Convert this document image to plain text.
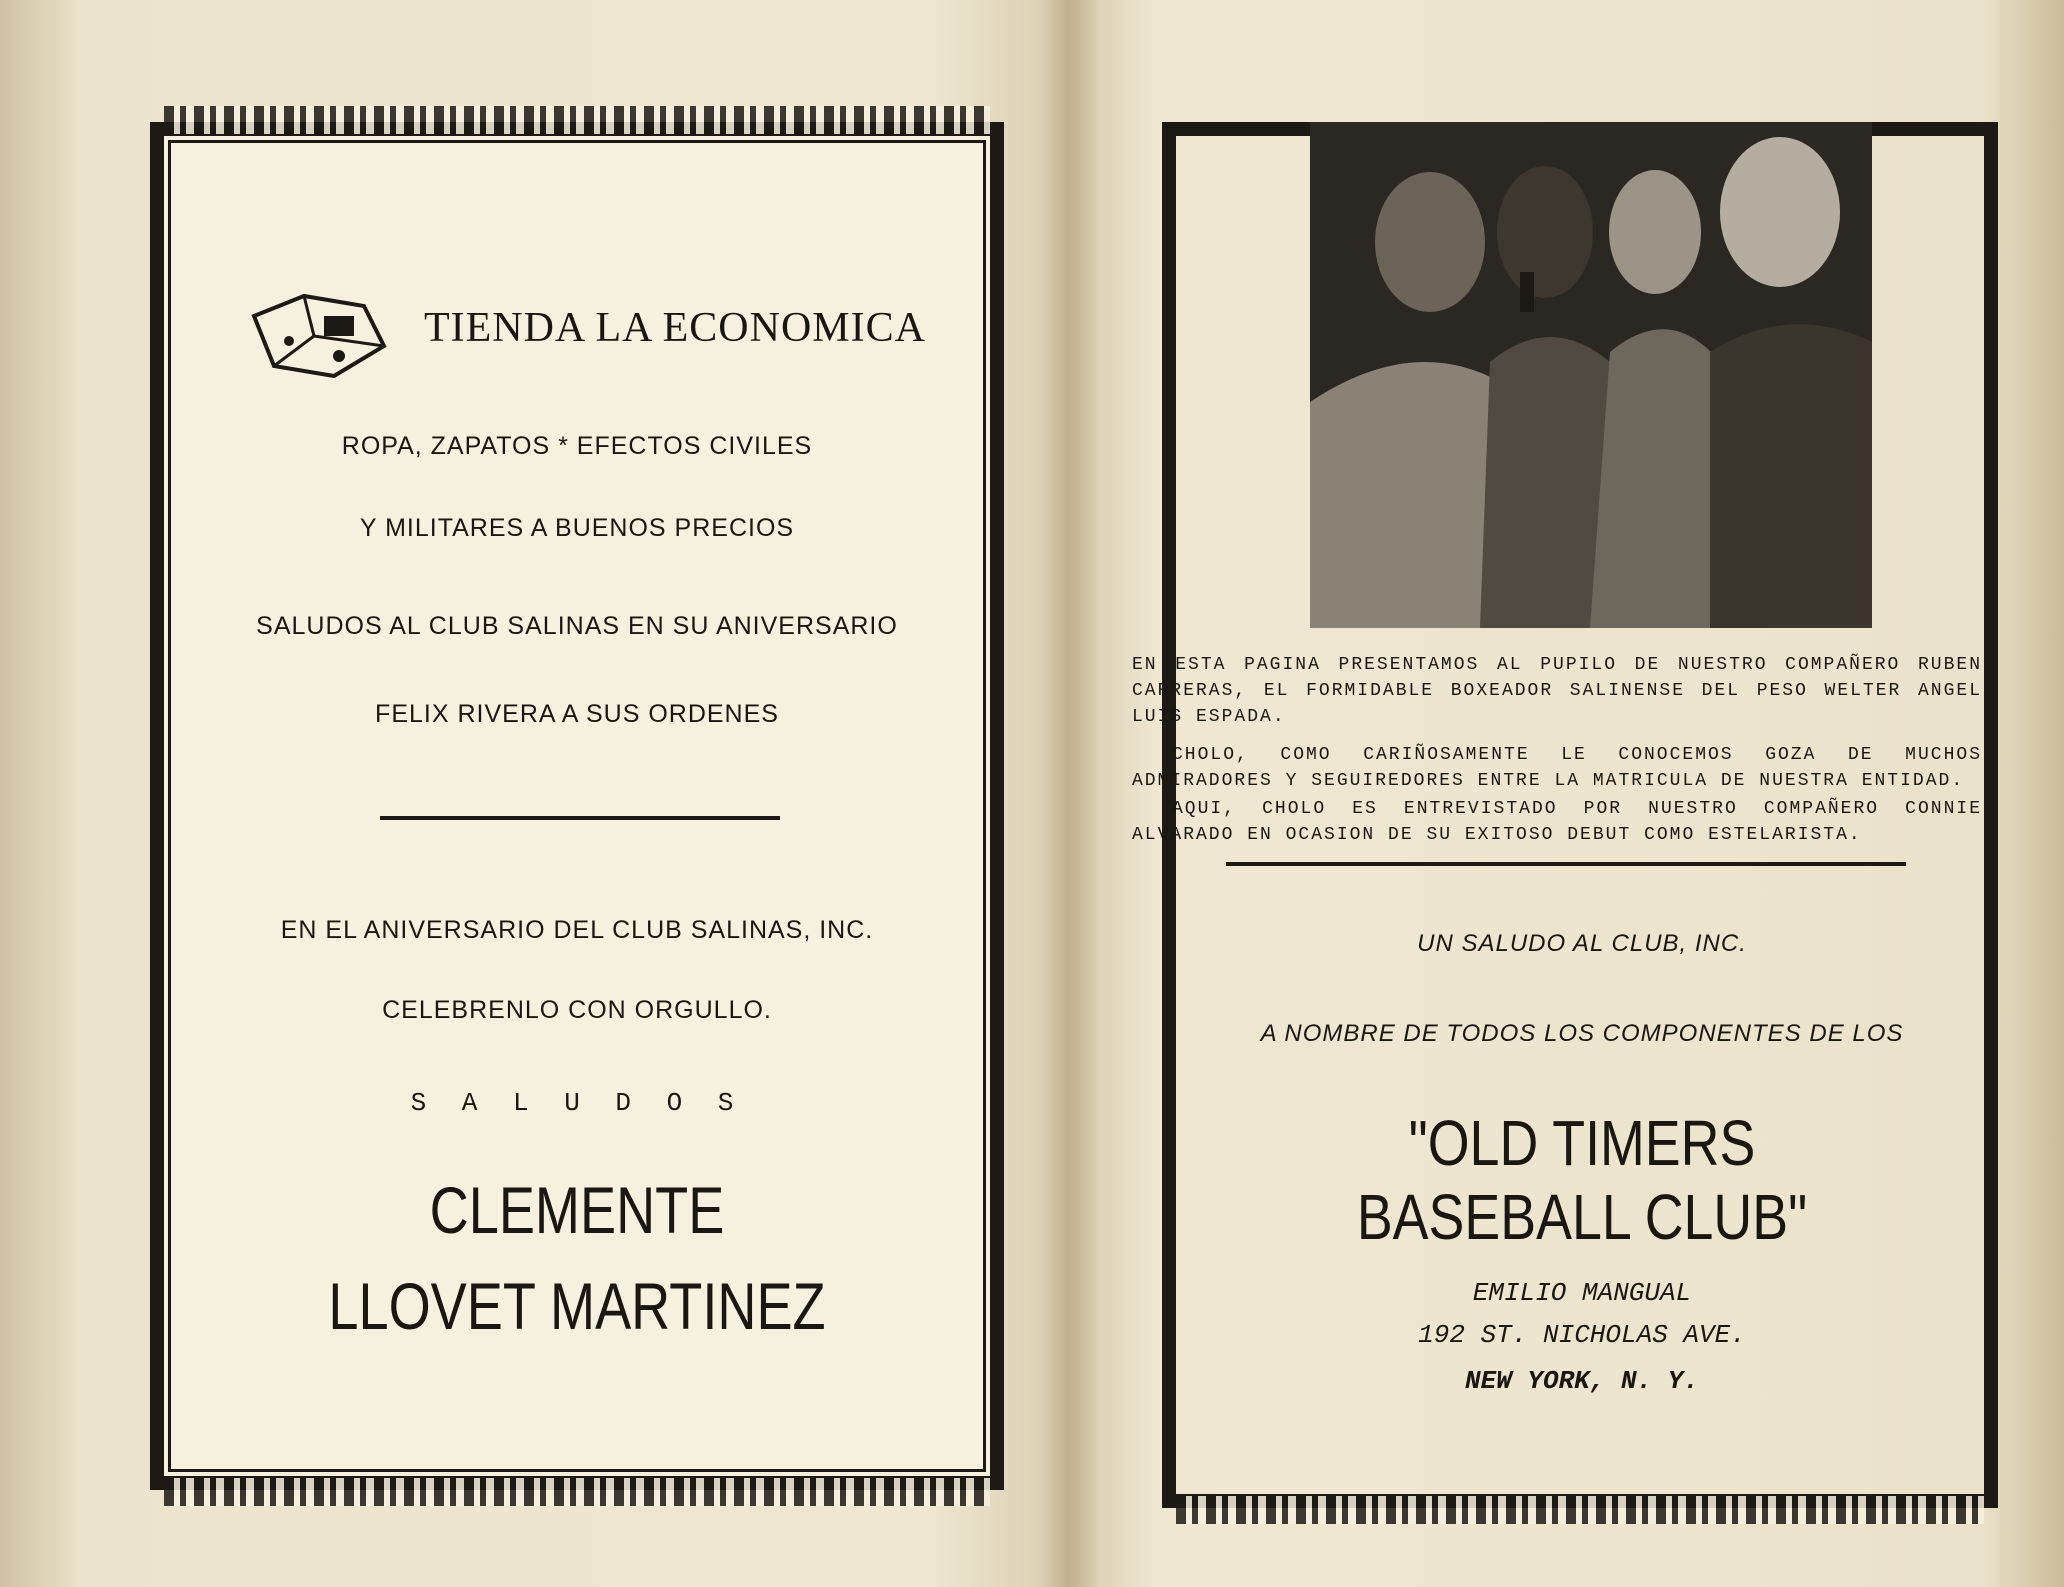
TIENDA LA ECONOMICA
ROPA, ZAPATOS * EFECTOS CIVILES
Y MILITARES A BUENOS PRECIOS
SALUDOS AL CLUB SALINAS EN SU ANIVERSARIO
FELIX RIVERA A SUS ORDENES
EN EL ANIVERSARIO DEL CLUB SALINAS, INC.
CELEBRENLO CON ORGULLO.
S A L U D O S
CLEMENTE
LLOVET MARTINEZ
EN ESTA PAGINA PRESENTAMOS AL PUPILO DE NUESTRO COMPAÑERO RUBEN CARRERAS, EL FORMIDABLE BOXEADOR SALINENSE DEL PESO WELTER ANGEL LUIS ESPADA.
CHOLO, COMO CARIÑOSAMENTE LE CONOCEMOS GOZA DE MUCHOS ADMIRADORES Y SEGUIREDORES ENTRE LA MATRICULA DE NUESTRA ENTIDAD.
AQUI, CHOLO ES ENTREVISTADO POR NUESTRO COMPAÑERO CONNIE ALVARADO EN OCASION DE SU EXITOSO DEBUT COMO ESTELARISTA.
UN SALUDO AL CLUB, INC.
A NOMBRE DE TODOS LOS COMPONENTES DE LOS
"OLD TIMERS
BASEBALL CLUB"
EMILIO MANGUAL
192 ST. NICHOLAS AVE.
NEW YORK, N. Y.
